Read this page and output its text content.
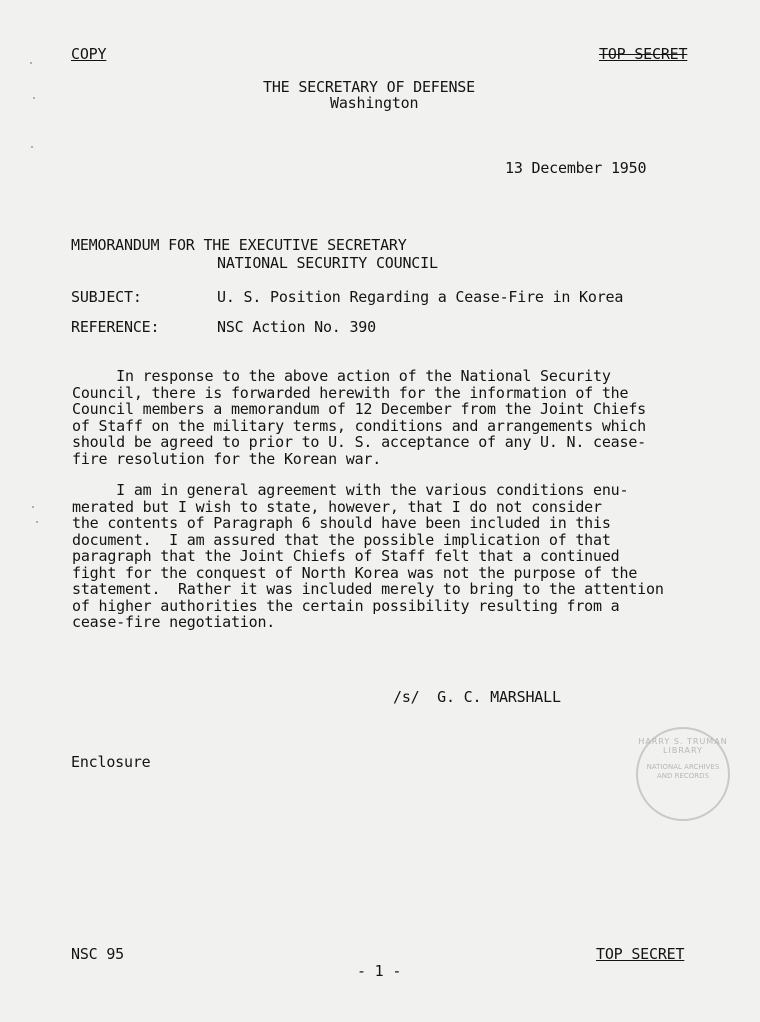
COPY	TOP SECRET
THE SECRETARY OF DEFENSE
Washington
13 December 1950
MEMORANDUM FOR THE EXECUTIVE SECRETARY
NATIONAL SECURITY COUNCIL
SUBJECT:	U. S. Position Regarding a Cease-Fire in Korea
REFERENCE:	NSC Action No. 390
In response to the above action of the National Security
Council, there is forwarded herewith for the information of the
Council members a memorandum of 12 December from the Joint Chiefs
of Staff on the military terms, conditions and arrangements which
should be agreed to prior to U. S. acceptance of any U. N. cease-
fire resolution for the Korean war.
I am in general agreement with the various conditions enu-
merated but I wish to state, however, that I do not consider
the contents of Paragraph 6 should have been included in this
document.  I am assured that the possible implication of that
paragraph that the Joint Chiefs of Staff felt that a continued
fight for the conquest of North Korea was not the purpose of the
statement.  Rather it was included merely to bring to the attention
of higher authorities the certain possibility resulting from a
cease-fire negotiation.
/s/  G. C. MARSHALL
Enclosure
HARRY S. TRUMAN LIBRARY
NATIONAL ARCHIVES AND RECORDS
NSC 95
- 1 -
TOP SECRET
